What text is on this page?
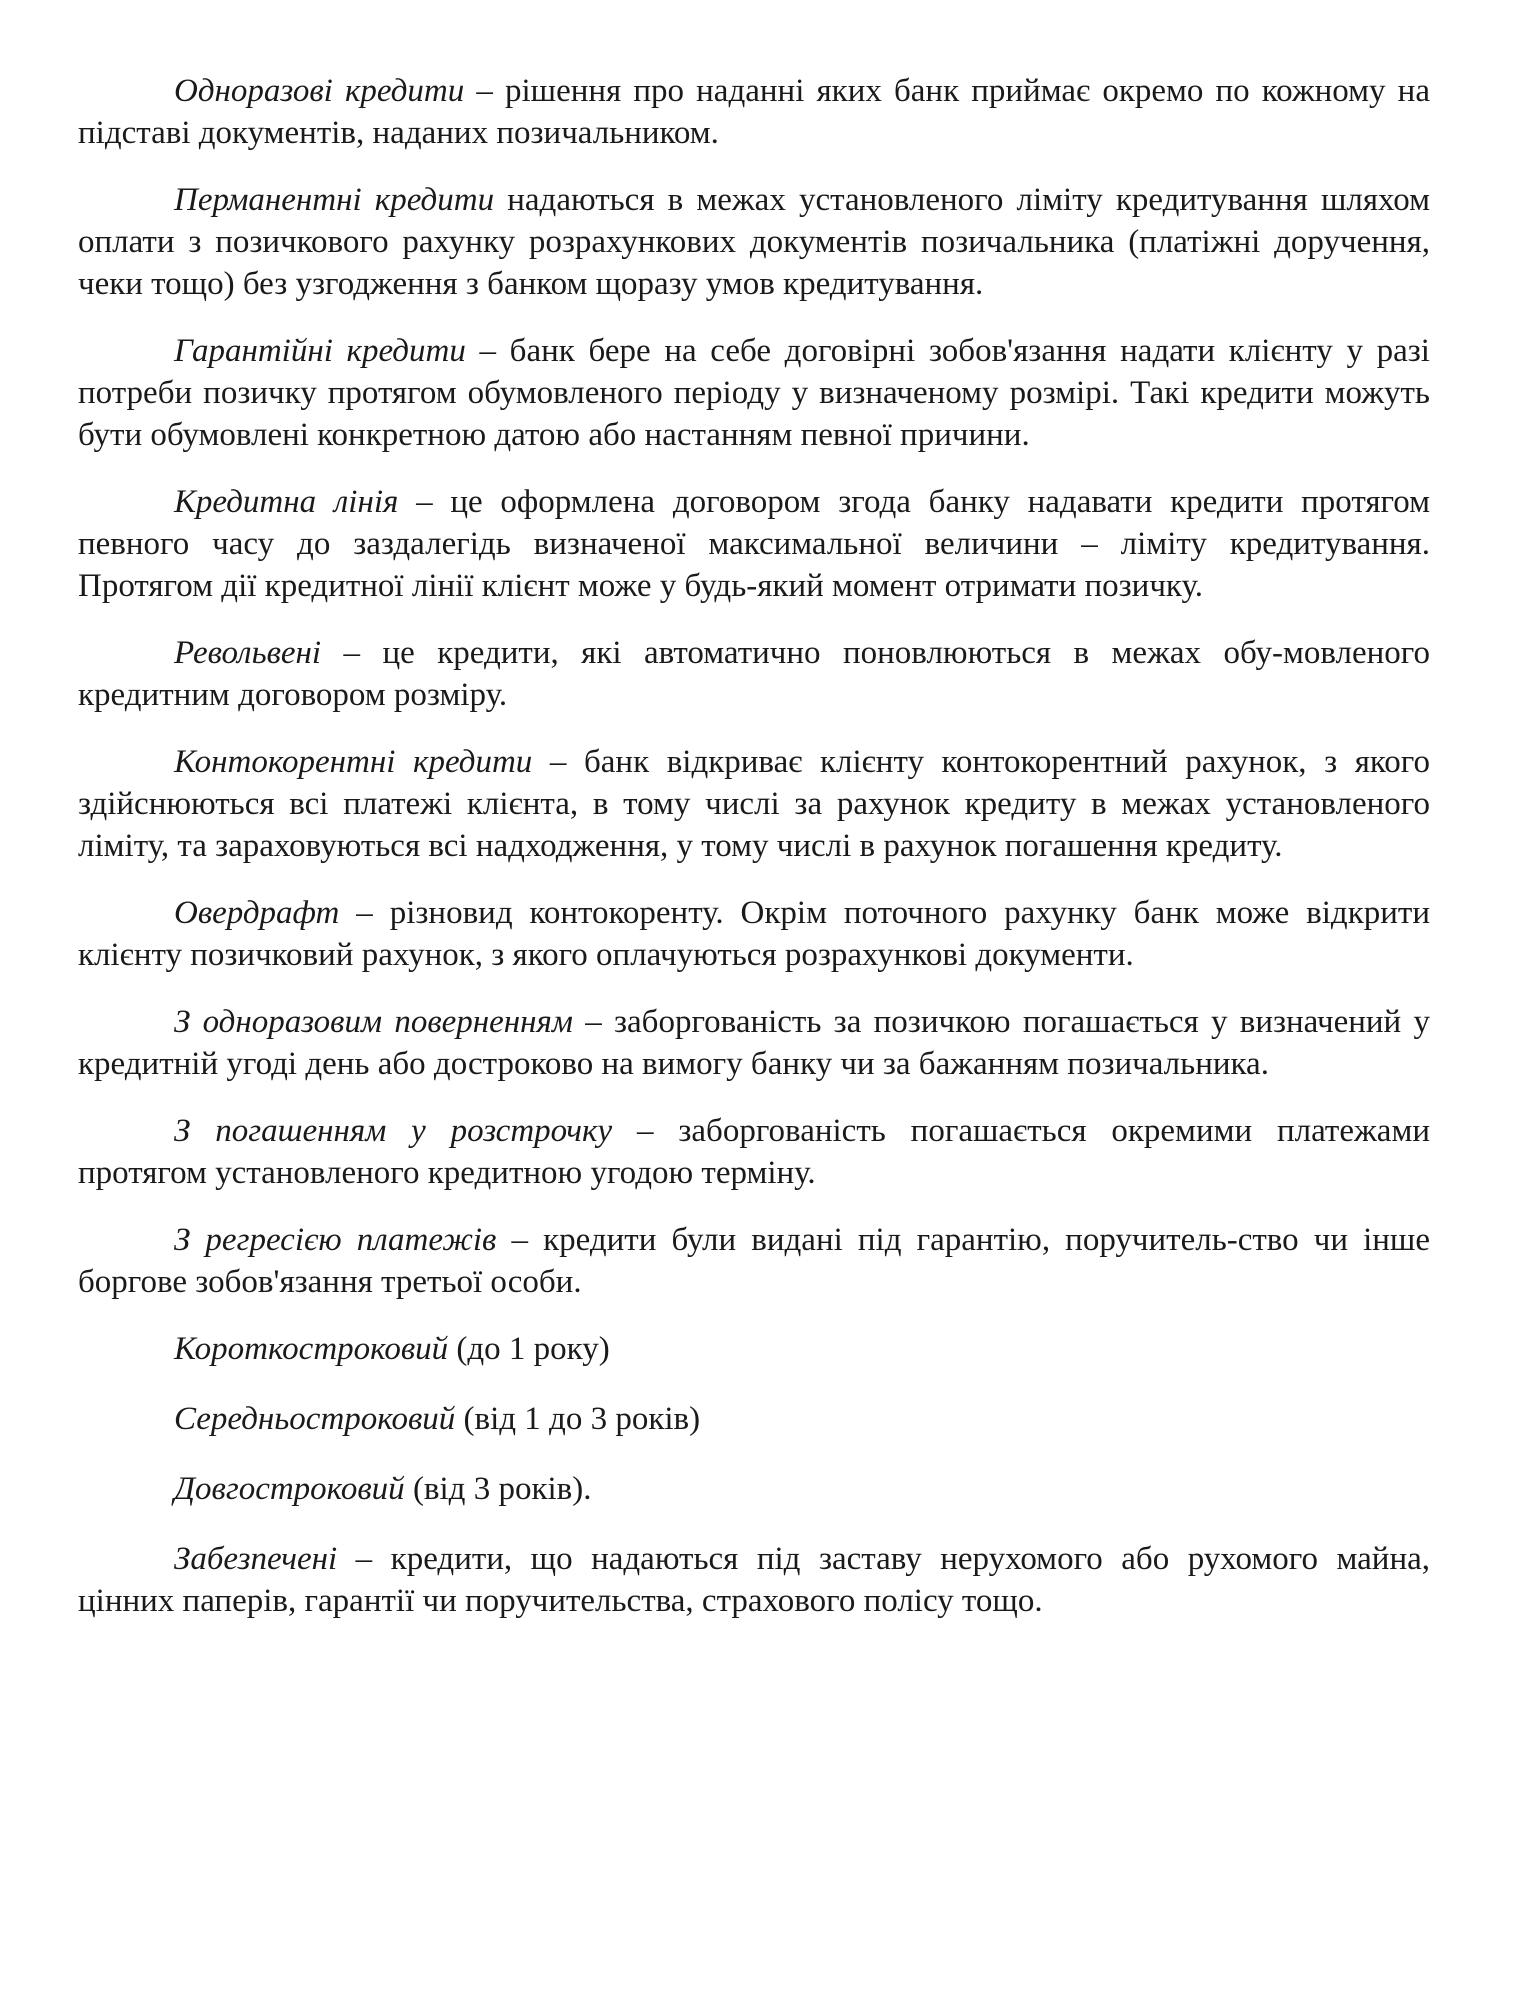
Одноразові кредити – рішення про наданні яких банк приймає окремо по кожному на підставі документів, наданих позичальником.

Перманентні кредити надаються в межах установленого ліміту кредитування шляхом оплати з позичкового рахунку розрахункових документів позичальника (платіжні доручення, чеки тощо) без узгодження з банком щоразу умов кредитування.

Гарантійні кредити – банк бере на себе договірні зобов'язання надати клієнту у разі потреби позичку протягом обумовленого періоду у визначеному розмірі. Такі кредити можуть бути обумовлені конкретною датою або настанням певної причини.

Кредитна лінія – це оформлена договором згода банку надавати кредити протягом певного часу до заздалегідь визначеної максимальної величини – ліміту кредитування. Протягом дії кредитної лінії клієнт може у будь-який момент отримати позичку.

Револьвені – це кредити, які автоматично поновлюються в межах обу-мовленого кредитним договором розміру.

Контокорентні кредити – банк відкриває клієнту контокорентний рахунок, з якого здійснюються всі платежі клієнта, в тому числі за рахунок кредиту в межах установленого ліміту, та зараховуються всі надходження, у тому числі в рахунок погашення кредиту.

Овердрафт – різновид контокоренту. Окрім поточного рахунку банк може відкрити клієнту позичковий рахунок, з якого оплачуються розрахункові документи.

З одноразовим поверненням – заборгованість за позичкою погашається у визначений у кредитній угоді день або достроково на вимогу банку чи за бажанням позичальника.

З погашенням у розстрочку – заборгованість погашається окремими платежами протягом установленого кредитною угодою терміну.

З регресією платежів – кредити були видані під гарантію, поручитель-ство чи інше боргове зобов'язання третьої особи.

Короткостроковий (до 1 року)

Середньостроковий (від 1 до 3 років)

Довгостроковий (від 3 років).

Забезпечені – кредити, що надаються під заставу нерухомого або рухомого майна, цінних паперів, гарантії чи поручительства, страхового полісу тощо.
